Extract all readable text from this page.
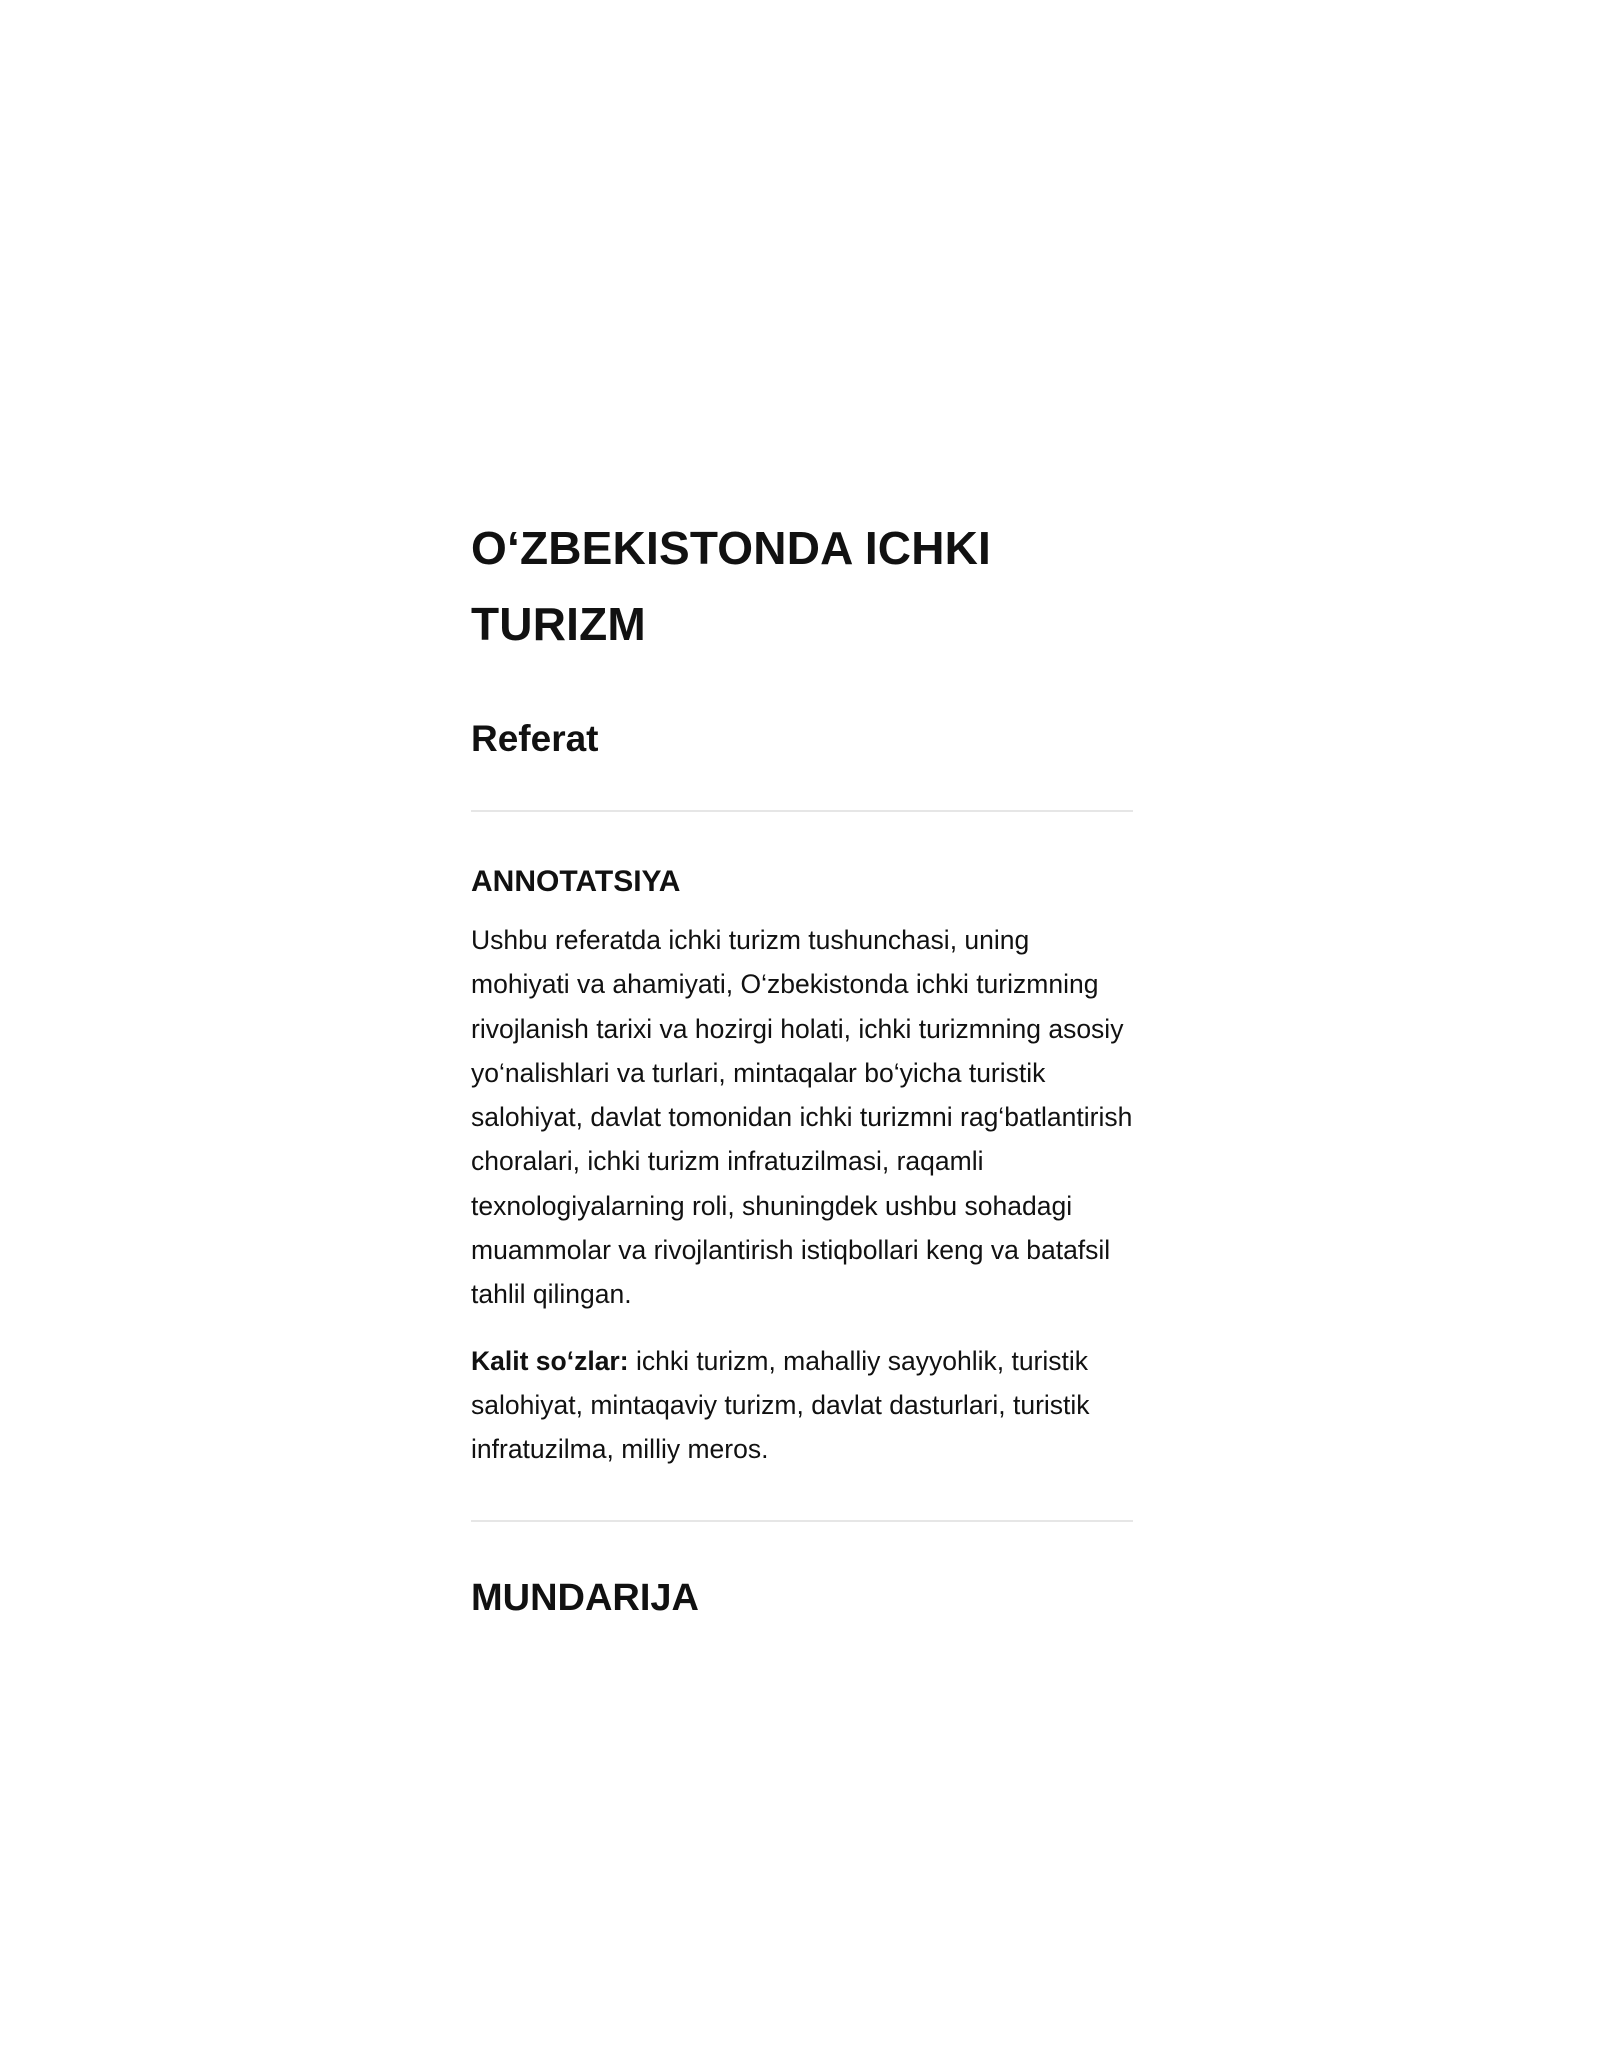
O‘ZBEKISTONDA ICHKI TURIZM
Referat
ANNOTATSIYA

Ushbu referatda ichki turizm tushunchasi, uning mohiyati va ahamiyati, O‘zbekistonda ichki turizmning rivojlanish tarixi va hozirgi holati, ichki turizmning asosiy yo‘nalishlari va turlari, mintaqalar bo‘yicha turistik salohiyat, davlat tomonidan ichki turizmni rag‘batlantirish choralari, ichki turizm infratuzilmasi, raqamli texnologiyalarning roli, shuningdek ushbu sohadagi muammolar va rivojlantirish istiqbollari keng va batafsil tahlil qilingan.

Kalit so‘zlar: ichki turizm, mahalliy sayyohlik, turistik salohiyat, mintaqaviy turizm, davlat dasturlari, turistik infratuzilma, milliy meros.

MUNDARIJA
